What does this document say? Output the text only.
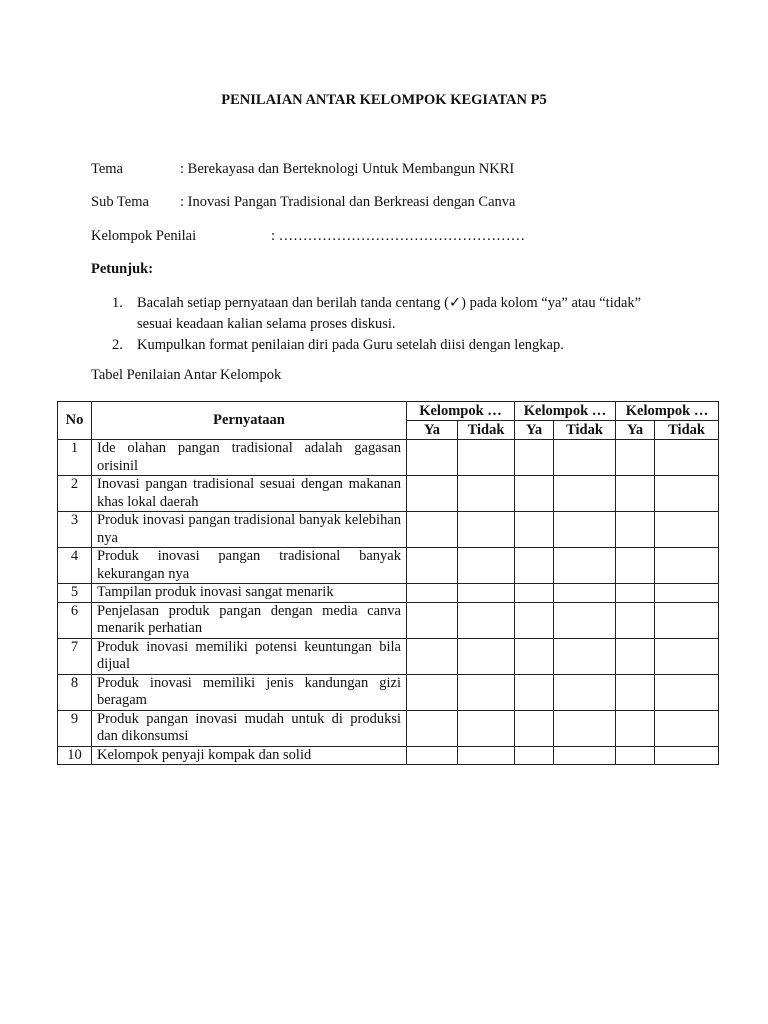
PENILAIAN ANTAR KELOMPOK KEGIATAN P5
Tema	: Berekayasa dan Berteknologi Untuk Membangun NKRI
Sub Tema : Inovasi Pangan Tradisional dan Berkreasi dengan Canva
Kelompok Penilai	: ……………………………………………
Petunjuk:
1. Bacalah setiap pernyataan dan berilah tanda centang (✓) pada kolom “ya” atau “tidak” sesuai keadaan kalian selama proses diskusi.
2. Kumpulkan format penilaian diri pada Guru setelah diisi dengan lengkap.
Tabel Penilaian Antar Kelompok
No	Pernyataan	Kelompok …		Kelompok …		Kelompok …	
		Ya	Tidak	Ya	Tidak	Ya	Tidak
1	Ide olahan pangan tradisional adalah gagasan orisinil						
2	Inovasi pangan tradisional sesuai dengan makanan khas lokal daerah						
3	Produk inovasi pangan tradisional banyak kelebihan nya						
4	Produk inovasi pangan tradisional banyak kekurangan nya						
5	Tampilan produk inovasi sangat menarik						
6	Penjelasan produk pangan dengan media canva menarik perhatian						
7	Produk inovasi memiliki potensi keuntungan bila dijual						
8	Produk inovasi memiliki jenis kandungan gizi beragam						
9	Produk pangan inovasi mudah untuk di produksi dan dikonsumsi						
10	Kelompok penyaji kompak dan solid						
